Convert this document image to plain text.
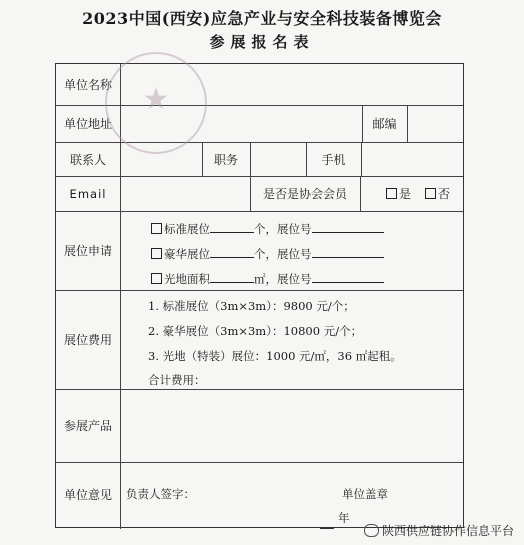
2023中国(西安)应急产业与安全科技装备博览会
参展报名表
单位名称
单位地址	邮编
联系人	职务	手机
Email	是否是协会会员	是	否
展位申请
标准展位	个，展位号
豪华展位	个，展位号
光地面积	㎡，展位号
展位费用
1. 标准展位（3m×3m）：9800 元/个；
2. 豪华展位（3m×3m）：10800 元/个；
3. 光地（特装）展位：1000 元/㎡，36 ㎡起租。
合计费用：
参展产品
单位意见	负责人签字：	单位盖章
年
★
陕西供应链协作信息平台
